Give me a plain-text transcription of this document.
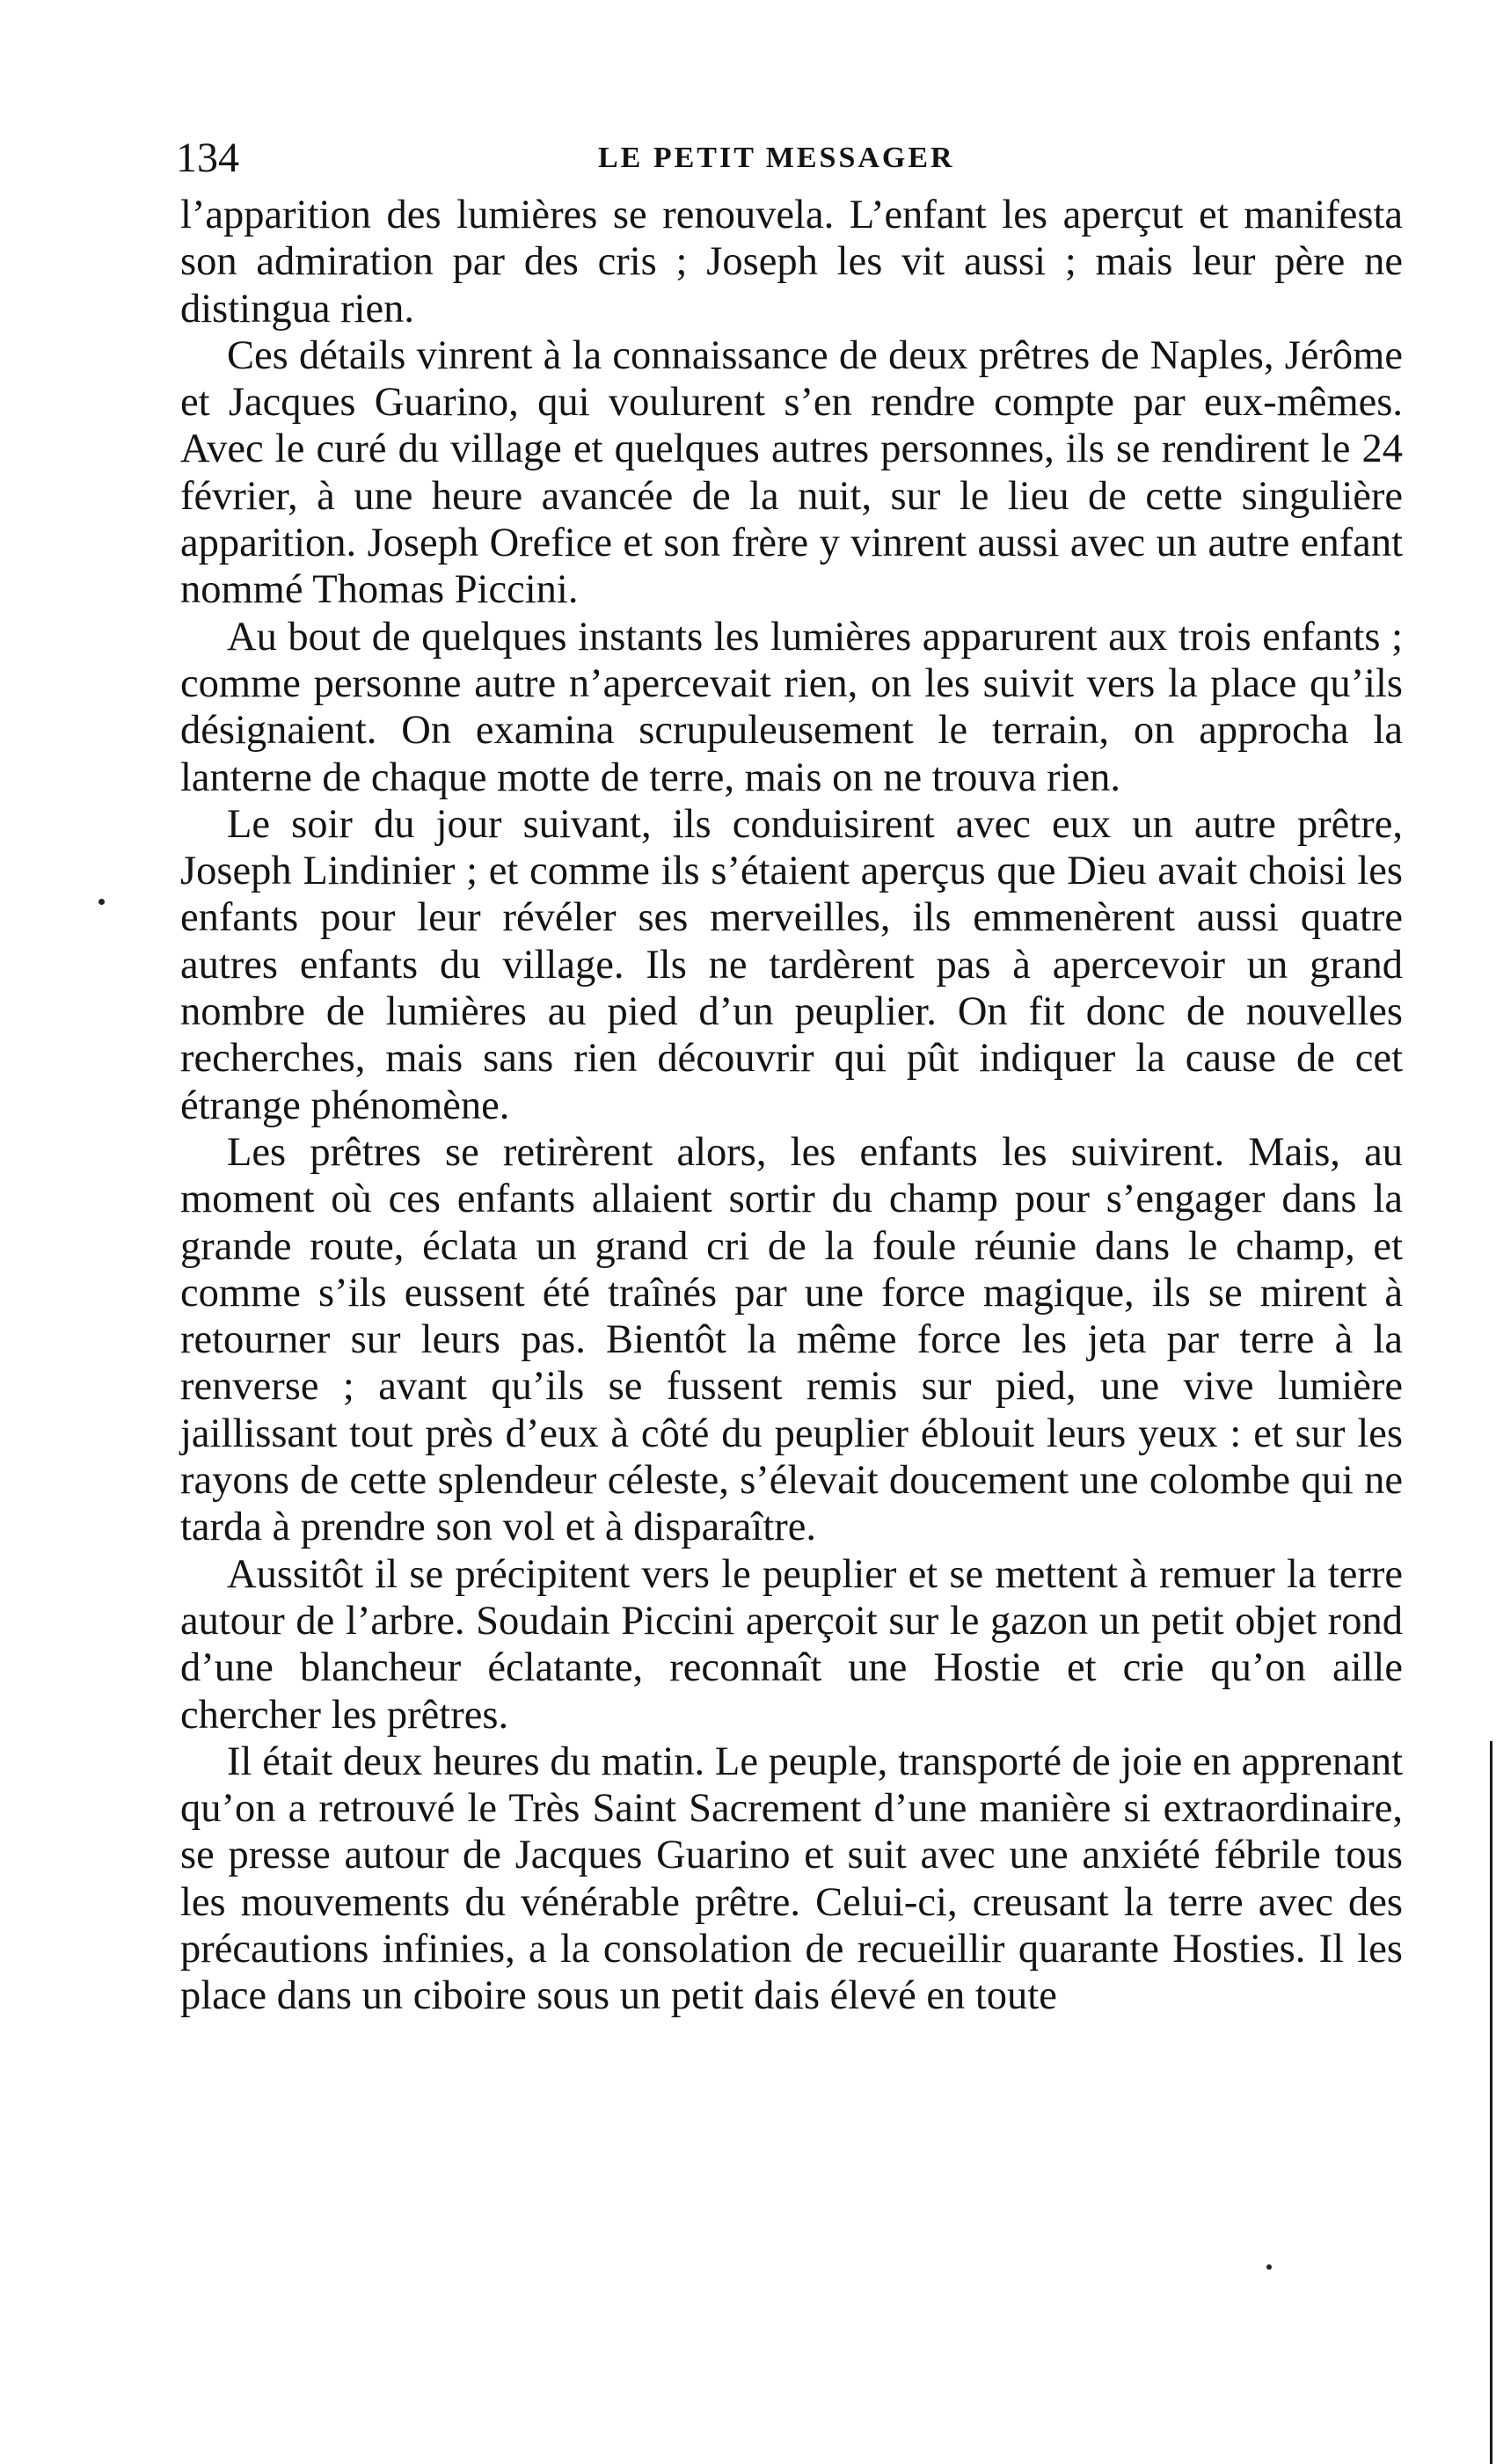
134	LE PETIT MESSAGER

l’apparition des lumières se renouvela. L’enfant les aperçut et manifesta son admiration par des cris ; Joseph les vit aussi ; mais leur père ne distingua rien.

Ces détails vinrent à la connaissance de deux prêtres de Naples, Jérôme et Jacques Guarino, qui voulurent s’en rendre compte par eux-mêmes. Avec le curé du village et quelques autres personnes, ils se rendirent le 24 février, à une heure avancée de la nuit, sur le lieu de cette singulière apparition. Joseph Orefice et son frère y vinrent aussi avec un autre enfant nommé Thomas Piccini.

Au bout de quelques instants les lumières apparurent aux trois enfants ; comme personne autre n’apercevait rien, on les suivit vers la place qu’ils désignaient. On examina scrupuleusement le terrain, on approcha la lanterne de chaque motte de terre, mais on ne trouva rien.

Le soir du jour suivant, ils conduisirent avec eux un autre prêtre, Joseph Lindinier ; et comme ils s’étaient aperçus que Dieu avait choisi les enfants pour leur révéler ses merveilles, ils emmenèrent aussi quatre autres enfants du village. Ils ne tardèrent pas à apercevoir un grand nombre de lumières au pied d’un peuplier. On fit donc de nouvelles recherches, mais sans rien découvrir qui pût indiquer la cause de cet étrange phénomène.

Les prêtres se retirèrent alors, les enfants les suivirent. Mais, au moment où ces enfants allaient sortir du champ pour s’engager dans la grande route, éclata un grand cri de la foule réunie dans le champ, et comme s’ils eussent été traînés par une force magique, ils se mirent à retourner sur leurs pas. Bientôt la même force les jeta par terre à la renverse ; avant qu’ils se fussent remis sur pied, une vive lumière jaillissant tout près d’eux à côté du peuplier éblouit leurs yeux : et sur les rayons de cette splendeur céleste, s’élevait doucement une colombe qui ne tarda à prendre son vol et à disparaître.

Aussitôt il se précipitent vers le peuplier et se mettent à remuer la terre autour de l’arbre. Soudain Piccini aperçoit sur le gazon un petit objet rond d’une blancheur éclatante, reconnaît une Hostie et crie qu’on aille chercher les prêtres.

Il était deux heures du matin. Le peuple, transporté de joie en apprenant qu’on a retrouvé le Très Saint Sacrement d’une manière si extraordinaire, se presse autour de Jacques Guarino et suit avec une anxiété fébrile tous les mouvements du vénérable prêtre. Celui-ci, creusant la terre avec des précautions infinies, a la consolation de recueillir quarante Hosties. Il les place dans un ciboire sous un petit dais élevé en toute
